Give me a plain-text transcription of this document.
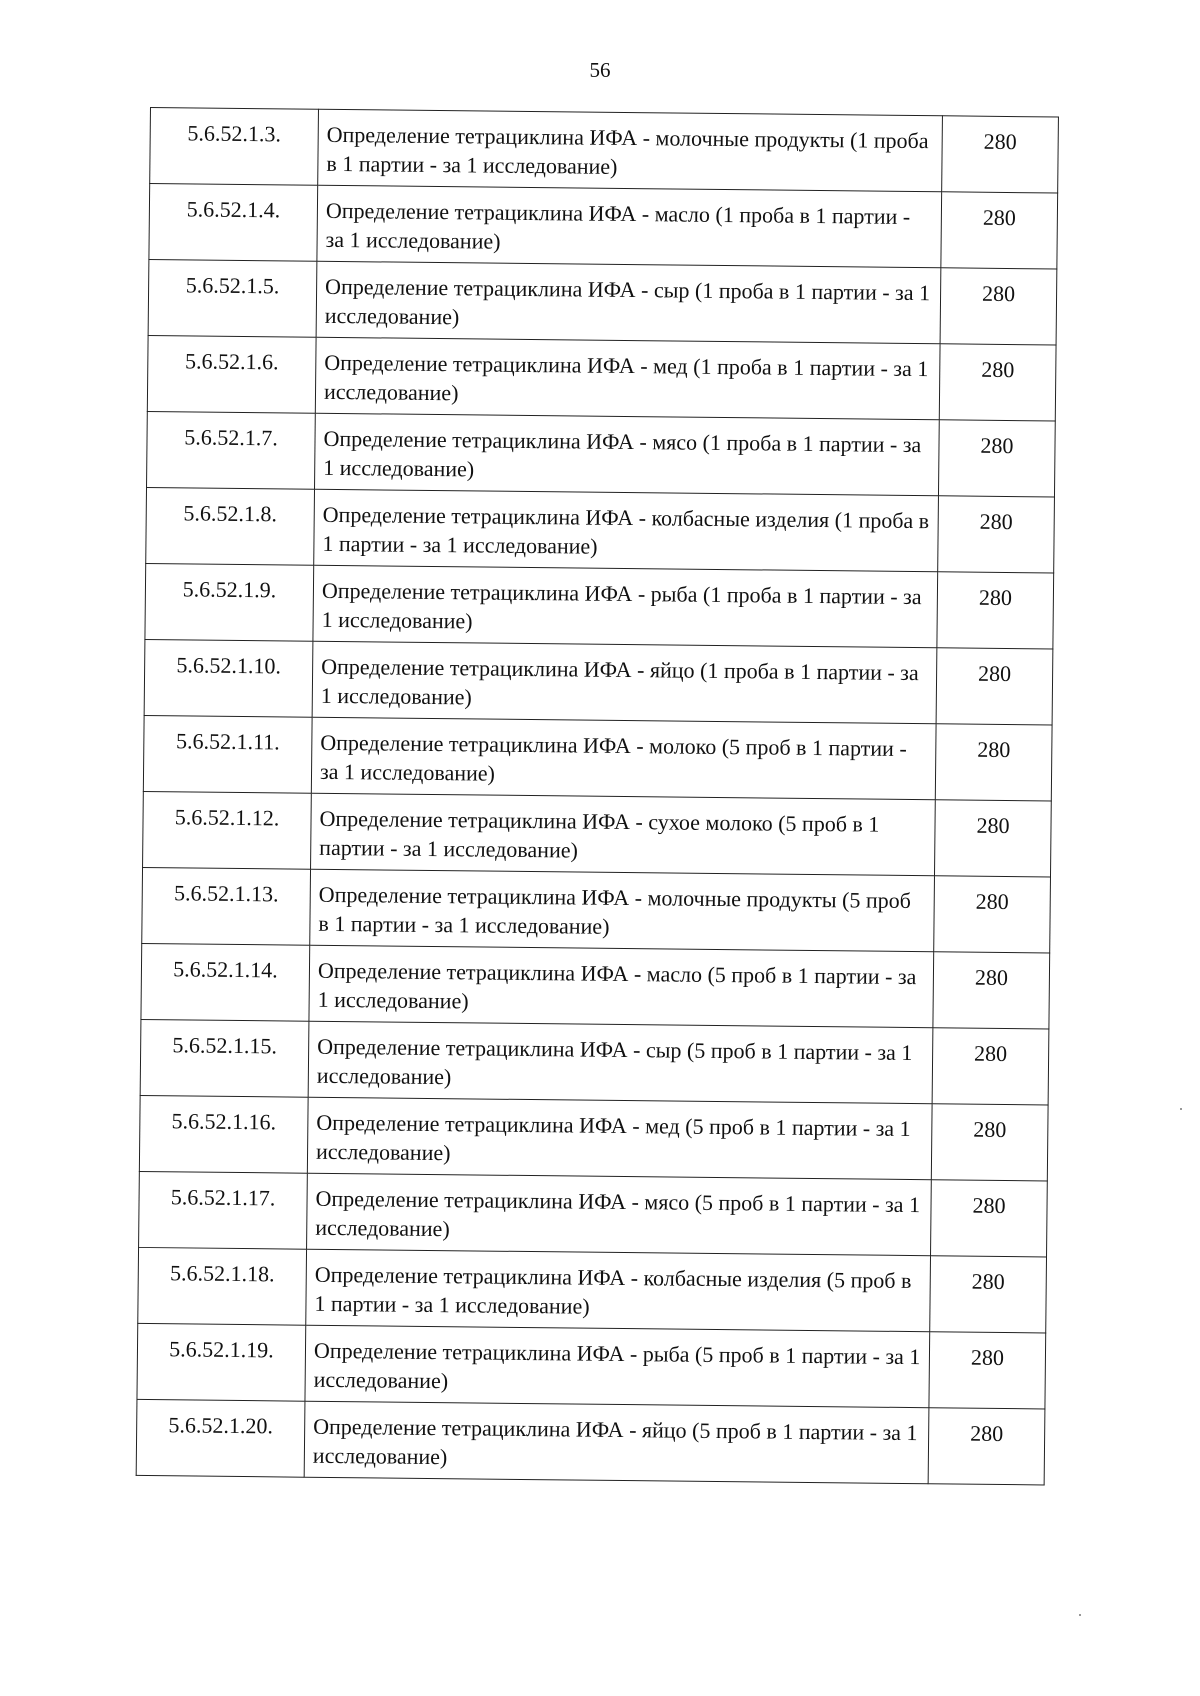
56
5.6.52.1.3.	Определение тетрациклина ИФА - молочные продукты (1 проба в 1 партии - за 1 исследование)	280
5.6.52.1.4.	Определение тетрациклина ИФА - масло (1 проба в 1 партии - за 1 исследование)	280
5.6.52.1.5.	Определение тетрациклина ИФА - сыр (1 проба в 1 партии - за 1 исследование)	280
5.6.52.1.6.	Определение тетрациклина ИФА - мед (1 проба в 1 партии - за 1 исследование)	280
5.6.52.1.7.	Определение тетрациклина ИФА - мясо (1 проба в 1 партии - за 1 исследование)	280
5.6.52.1.8.	Определение тетрациклина ИФА - колбасные изделия (1 проба в 1 партии - за 1 исследование)	280
5.6.52.1.9.	Определение тетрациклина ИФА - рыба (1 проба в 1 партии - за 1 исследование)	280
5.6.52.1.10.	Определение тетрациклина ИФА - яйцо (1 проба в 1 партии - за 1 исследование)	280
5.6.52.1.11.	Определение тетрациклина ИФА - молоко (5 проб в 1 партии - за 1 исследование)	280
5.6.52.1.12.	Определение тетрациклина ИФА - сухое молоко (5 проб в 1 партии - за 1 исследование)	280
5.6.52.1.13.	Определение тетрациклина ИФА - молочные продукты (5 проб в 1 партии - за 1 исследование)	280
5.6.52.1.14.	Определение тетрациклина ИФА - масло (5 проб в 1 партии - за 1 исследование)	280
5.6.52.1.15.	Определение тетрациклина ИФА - сыр (5 проб в 1 партии - за 1 исследование)	280
5.6.52.1.16.	Определение тетрациклина ИФА - мед (5 проб в 1 партии - за 1 исследование)	280
5.6.52.1.17.	Определение тетрациклина ИФА - мясо (5 проб в 1 партии - за 1 исследование)	280
5.6.52.1.18.	Определение тетрациклина ИФА - колбасные изделия (5 проб в 1 партии - за 1 исследование)	280
5.6.52.1.19.	Определение тетрациклина ИФА - рыба (5 проб в 1 партии - за 1 исследование)	280
5.6.52.1.20.	Определение тетрациклина ИФА - яйцо (5 проб в 1 партии - за 1 исследование)	280
